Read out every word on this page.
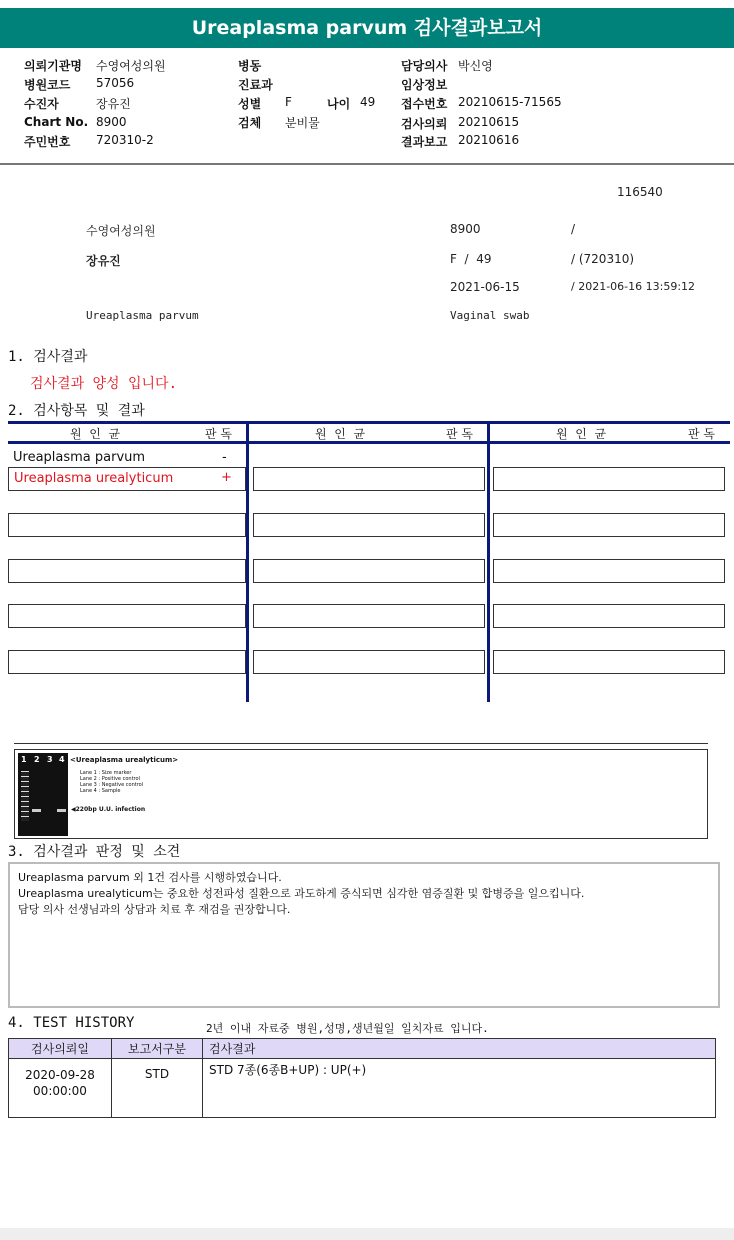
Ureaplasma parvum 검사결과보고서
의뢰기관명 수영여성의원
병원코드 57056
수진자	장유진
Chart No. 8900
주민번호 720310-2
병동
진료과
성별 F	나이 49
검체 분비물
담당의사 박신영
임상정보
접수번호 20210615-71565
검사의뢰 20210615
결과보고 20210616
116540
수영여성의원	8900	/
장유진	F  /  49	/ (720310)
2021-06-15	/ 2021-06-16 13:59:12
Ureaplasma parvum	Vaginal swab
1. 검사결과
검사결과 양성 입니다.
2. 검사항목 및 결과
원  인  균	판 독	원  인  균	판 독	원  인  균	판 독
Ureaplasma parvum	-
Ureaplasma urealyticum	+
1 2 3 4 <Ureaplasma urealyticum>
Lane 1 : Size marker
Lane 2 : Positive control
Lane 3 : Negative control
Lane 4 : Sample
◀220bp U.U. infection
3. 검사결과 판정 및 소견
Ureaplasma parvum 외 1건 검사를 시행하였습니다.
Ureaplasma urealyticum는 중요한 성전파성 질환으로 과도하게 증식되면 심각한 염증질환 및 합병증을 일으킵니다.
담당 의사 선생님과의 상담과 치료 후 재검을 권장합니다.
4. TEST HISTORY	2년 이내 자료중 병원,성명,생년월일 일치자료 입니다.
검사의뢰일	보고서구분	검사결과

2020-09-28
00:00:00	STD	STD 7종(6종B+UP) : UP(+)
